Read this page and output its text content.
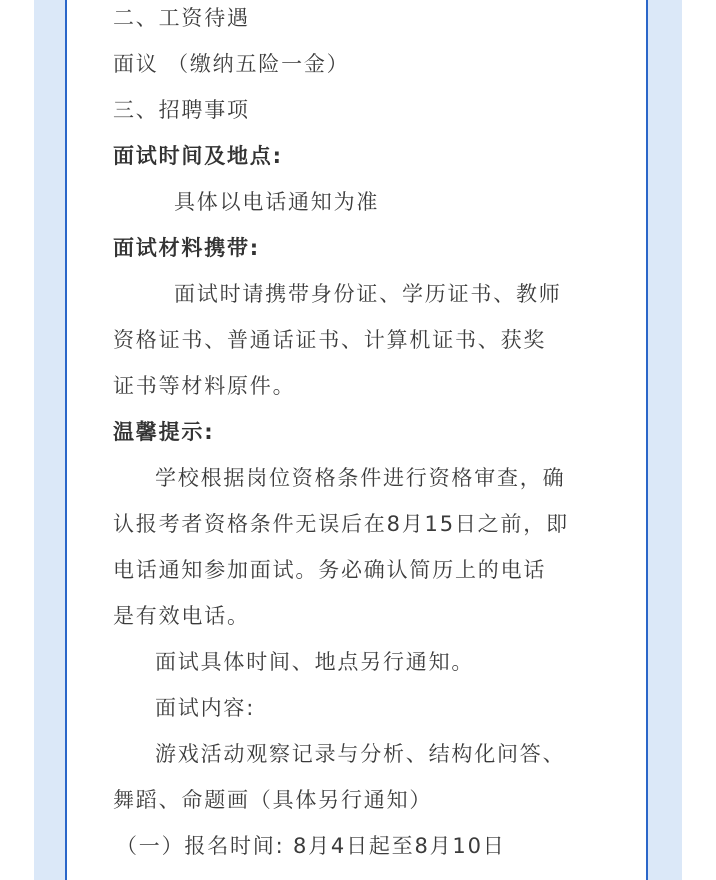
二、工资待遇
面议 （缴纳五险一金）
三、招聘事项
面试时间及地点:
具体以电话通知为准
面试材料携带:
面试时请携带身份证、学历证书、教师
资格证书、普通话证书、计算机证书、获奖
证书等材料原件。
温馨提示:
学校根据岗位资格条件进行资格审查，确
认报考者资格条件无误后在8月15日之前，即
电话通知参加面试。务必确认简历上的电话
是有效电话。
面试具体时间、地点另行通知。
面试内容:
游戏活动观察记录与分析、结构化问答、
舞蹈、命题画（具体另行通知）
（一）报名时间: 8月4日起至8月10日
